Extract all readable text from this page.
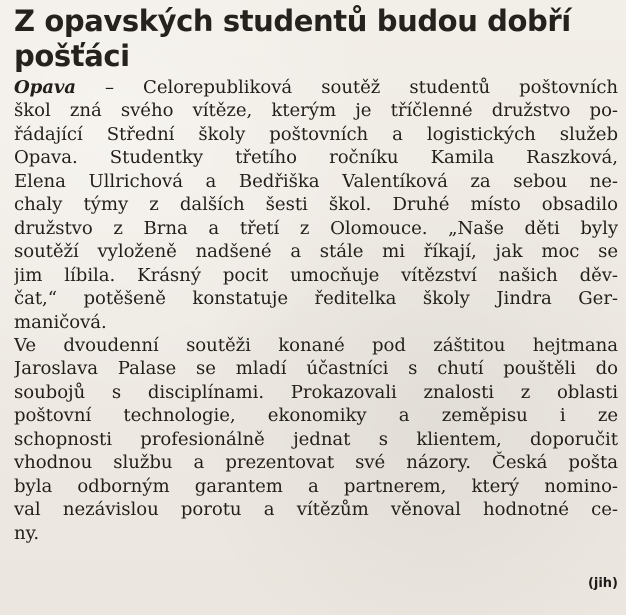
Z opavských studentů budou dobří
pošťáci
Opava – Celorepubliková soutěž studentů poštovních
škol zná svého vítěze, kterým je tříčlenné družstvo po-
řádající Střední školy poštovních a logistických služeb
Opava. Studentky třetího ročníku Kamila Raszková,
Elena Ullrichová a Bedřiška Valentíková za sebou ne-
chaly týmy z dalších šesti škol. Druhé místo obsadilo
družstvo z Brna a třetí z Olomouce. „Naše děti byly
soutěží vyloženě nadšené a stále mi říkají, jak moc se
jim líbila. Krásný pocit umocňuje vítězství našich děv-
čat,“ potěšeně konstatuje ředitelka školy Jindra Ger-
maničová.
Ve dvoudenní soutěži konané pod záštitou hejtmana
Jaroslava Palase se mladí účastníci s chutí pouštěli do
soubojů s disciplínami. Prokazovali znalosti z oblasti
poštovní technologie, ekonomiky a zeměpisu i ze
schopnosti profesionálně jednat s klientem, doporučit
vhodnou službu a prezentovat své názory. Česká pošta
byla odborným garantem a partnerem, který nomino-
val nezávislou porotu a vítězům věnoval hodnotné ce-
ny.
(jih)
